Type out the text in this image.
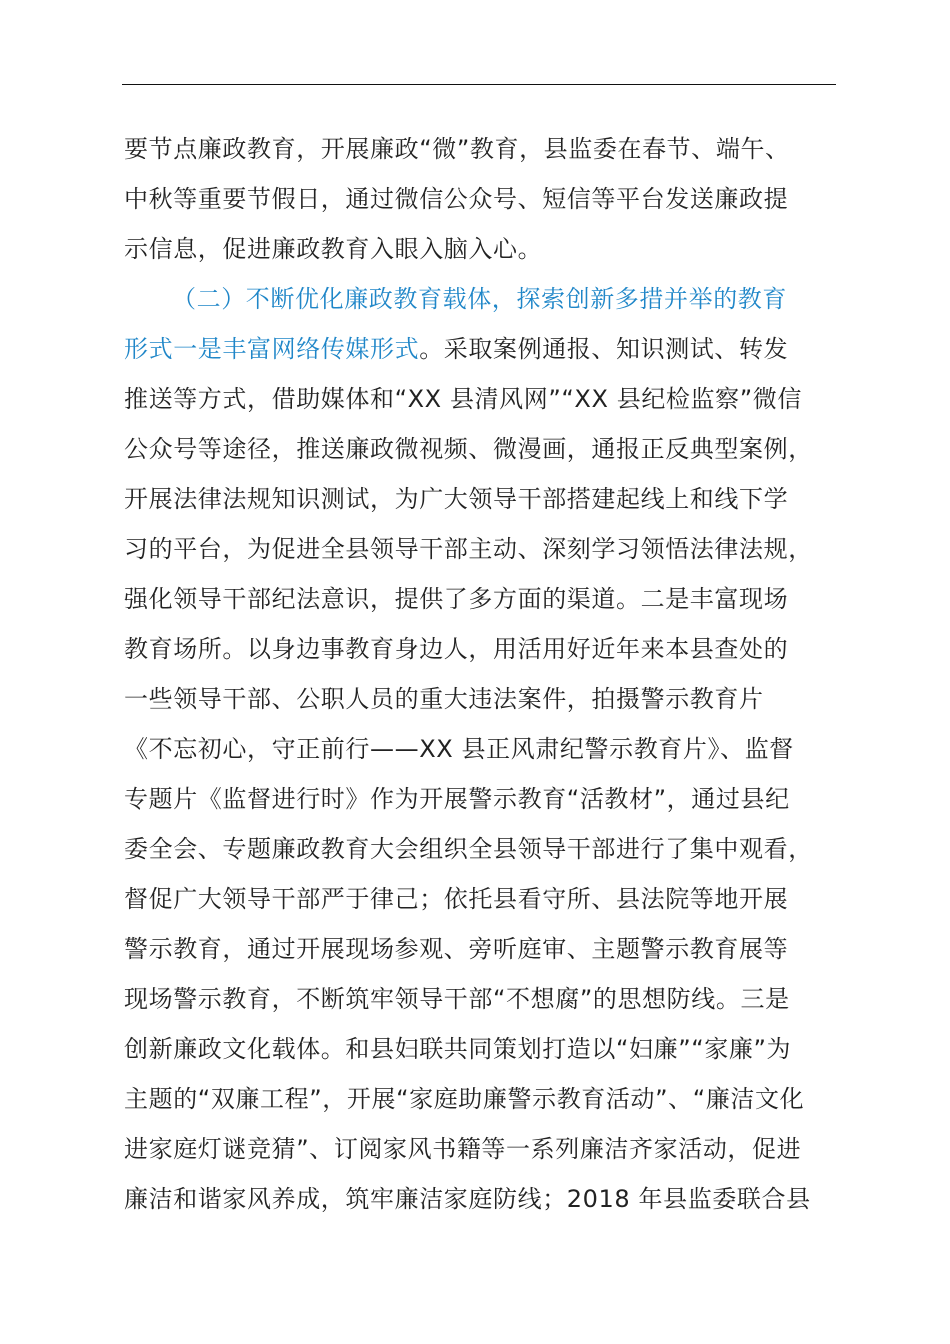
要节点廉政教育，开展廉政“微”教育，县监委在春节、端午、
中秋等重要节假日，通过微信公众号、短信等平台发送廉政提
示信息，促进廉政教育入眼入脑入心。
（二）不断优化廉政教育载体，探索创新多措并举的教育
形式一是丰富网络传媒形式。采取案例通报、知识测试、转发
推送等方式，借助媒体和“XX 县清风网”“XX 县纪检监察”微信
公众号等途径，推送廉政微视频、微漫画，通报正反典型案例，
开展法律法规知识测试，为广大领导干部搭建起线上和线下学
习的平台，为促进全县领导干部主动、深刻学习领悟法律法规，
强化领导干部纪法意识，提供了多方面的渠道。二是丰富现场
教育场所。以身边事教育身边人，用活用好近年来本县查处的
一些领导干部、公职人员的重大违法案件，拍摄警示教育片
《不忘初心，守正前行——XX 县正风肃纪警示教育片》、监督
专题片《监督进行时》作为开展警示教育“活教材”，通过县纪
委全会、专题廉政教育大会组织全县领导干部进行了集中观看，
督促广大领导干部严于律己；依托县看守所、县法院等地开展
警示教育，通过开展现场参观、旁听庭审、主题警示教育展等
现场警示教育，不断筑牢领导干部“不想腐”的思想防线。三是
创新廉政文化载体。和县妇联共同策划打造以“妇廉”“家廉”为
主题的“双廉工程”，开展“家庭助廉警示教育活动”、“廉洁文化
进家庭灯谜竞猜”、订阅家风书籍等一系列廉洁齐家活动，促进
廉洁和谐家风养成，筑牢廉洁家庭防线；2018 年县监委联合县
